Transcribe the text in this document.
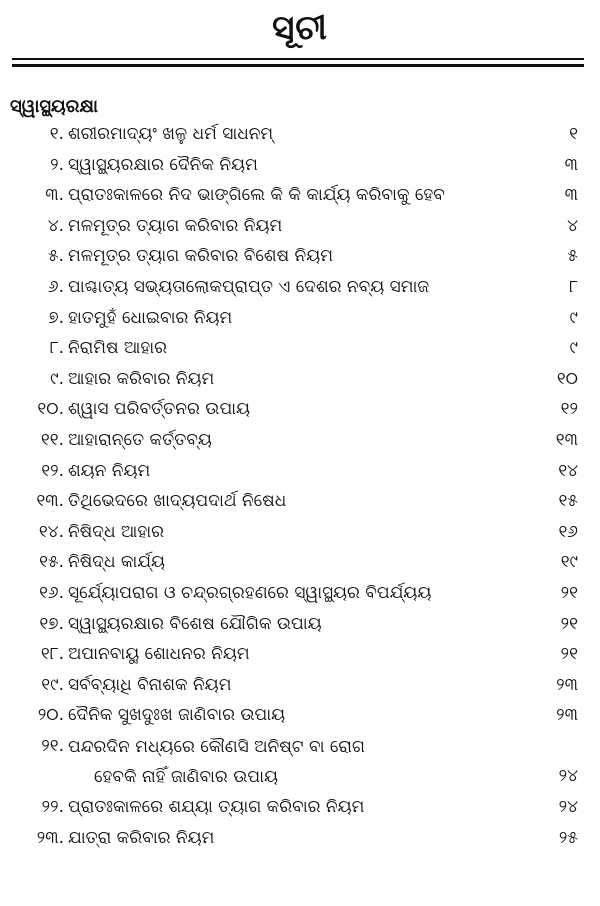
ସୂଚୀ
ସ୍ୱାସ୍ଥ୍ୟରକ୍ଷା
୧. ଶରୀରମାଦ୍ୟଂ ଖଳୁ ଧର୍ମ ସାଧନମ୍	୧
୨. ସ୍ୱାସ୍ଥ୍ୟରକ୍ଷାର ଦୈନିକ ନିୟମ	୩
୩. ପ୍ରାତଃକାଳରେ ନିଦ ଭାଙ୍ଗିଲେ କି କି କାର୍ଯ୍ୟ କରିବାକୁ ହେବ	୩
୪. ମଳମୂତ୍ର ତ୍ୟାଗ କରିବାର ନିୟମ	୪
୫. ମଳମୂତ୍ର ତ୍ୟାଗ କରିବାର ବିଶେଷ ନିୟମ	୫
୬. ପାଶ୍ଚାତ୍ୟ ସଭ୍ୟତାଲୋକପ୍ରାପ୍ତ ଏ ଦେଶର ନବ୍ୟ ସମାଜ	୮
୭. ହାତମୁହଁ ଧୋଇବାର ନିୟମ	୯
୮. ନିରାମିଷ ଆହାର	୯
୯. ଆହାର କରିବାର ନିୟମ	୧୦
୧୦. ଶ୍ୱାସ ପରିବର୍ତ୍ତନର ଉପାୟ	୧୨
୧୧. ଆହାରାନ୍ତେ କର୍ତ୍ତବ୍ୟ	୧୩
୧୨. ଶୟନ ନିୟମ	୧୪
୧୩. ତିଥିଭେଦରେ ଖାଦ୍ୟପଦାର୍ଥ ନିଷେଧ	୧୫
୧୪. ନିଷିଦ୍ଧ ଆହାର	୧୬
୧୫. ନିଷିଦ୍ଧ କାର୍ଯ୍ୟ	୧୯
୧୬. ସୂର୍ଯ୍ୟୋପରାଗ ଓ ଚନ୍ଦ୍ରଗ୍ରହଣରେ ସ୍ୱାସ୍ଥ୍ୟର ବିପର୍ଯ୍ୟୟ	୨୧
୧୭. ସ୍ୱାସ୍ଥ୍ୟରକ୍ଷାର ବିଶେଷ ଯୌଗିକ ଉପାୟ	୨୧
୧୮. ଅପାନବାୟୁ ଶୋଧନର ନିୟମ	୨୧
୧୯. ସର୍ବବ୍ୟାଧି ବିନାଶକ ନିୟମ	୨୩
୨୦. ଦୈନିକ ସୁଖଦୁଃଖ ଜାଣିବାର ଉପାୟ	୨୩
୨୧. ପନ୍ଦରଦିନ ମଧ୍ୟରେ କୌଣସି ଅନିଷ୍ଟ ବା ରୋଗ
ହେବକି ନାହିଁ ଜାଣିବାର ଉପାୟ	୨୪
୨୨. ପ୍ରାତଃକାଳରେ ଶଯ୍ୟା ତ୍ୟାଗ କରିବାର ନିୟମ	୨୪
୨୩. ଯାତ୍ରା କରିବାର ନିୟମ	୨୫
